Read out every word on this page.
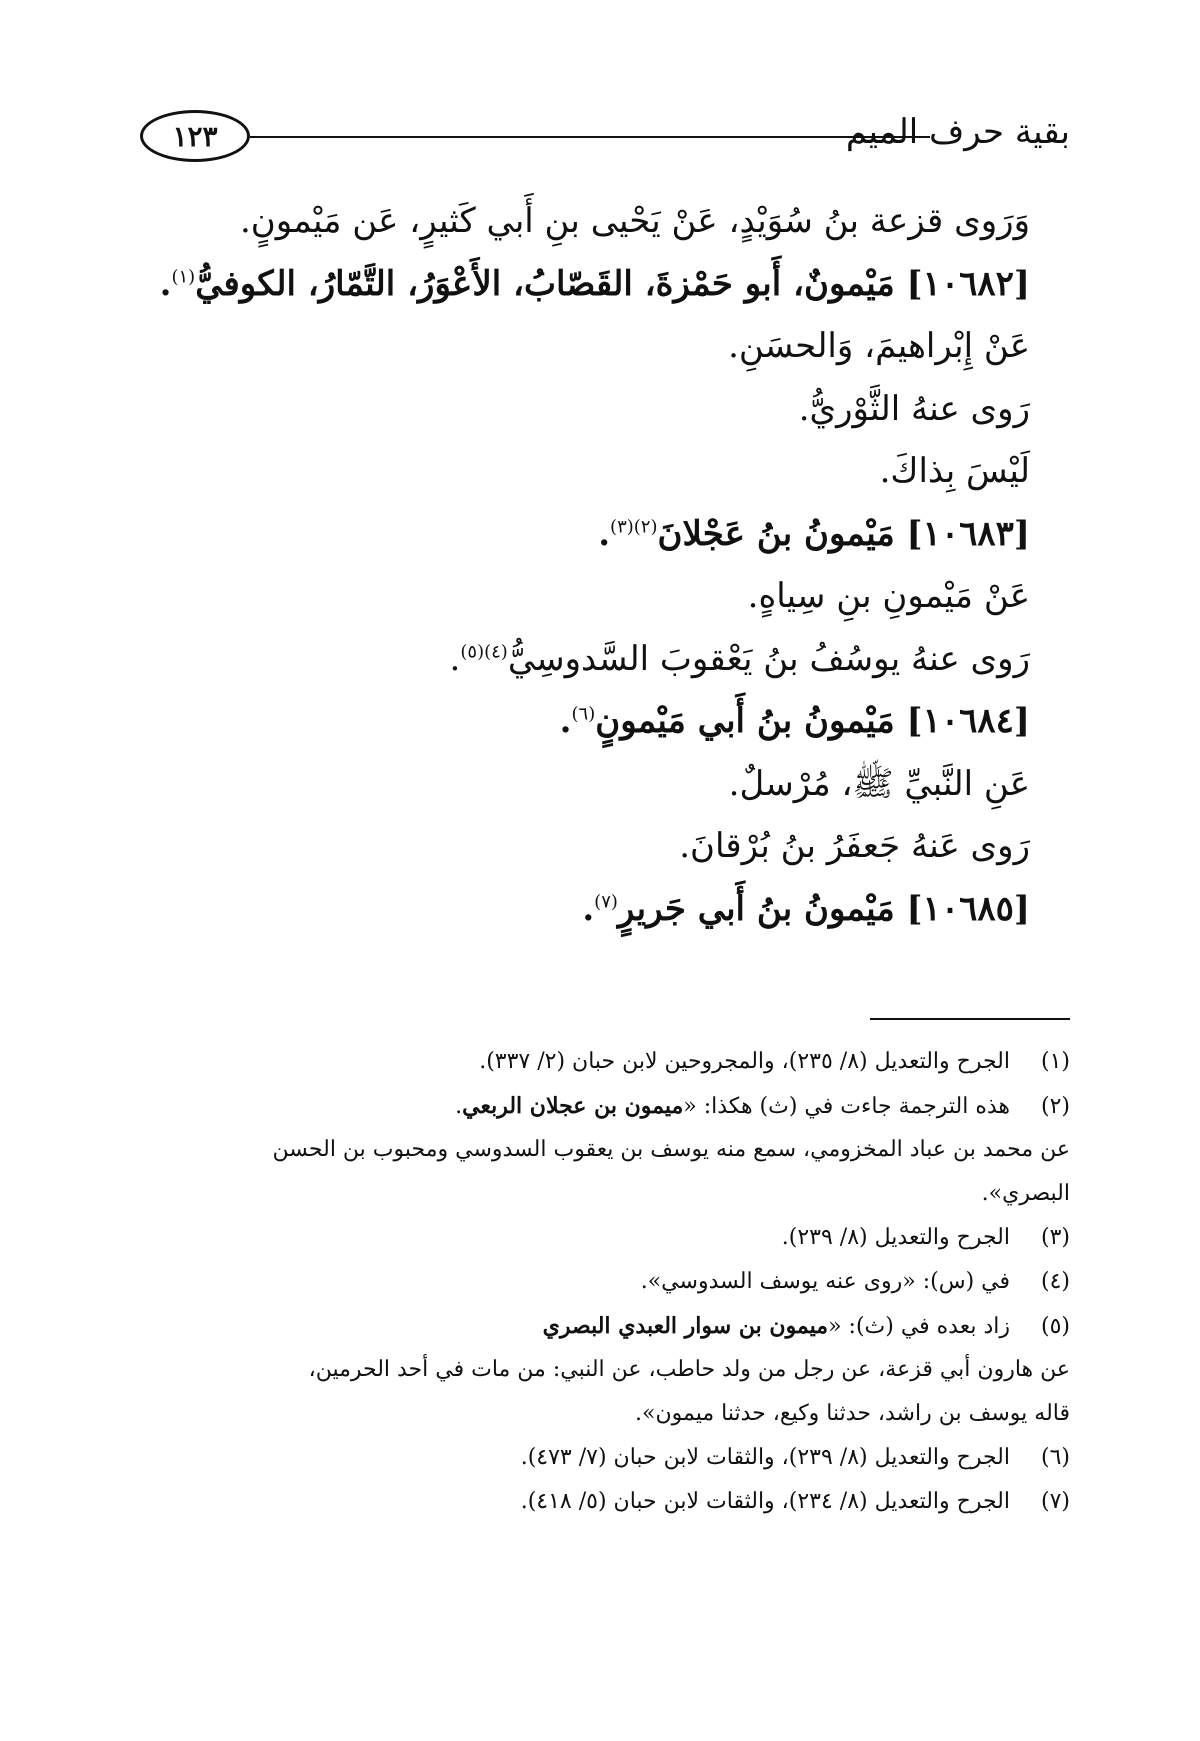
١٢٣	بقية حرف الميم

وَرَوى قزعة بنُ سُوَيْدٍ، عَنْ يَحْيى بنِ أَبي كَثيرٍ، عَن مَيْمونٍ.

[١٠٦٨٢] مَيْمونٌ، أَبو حَمْزةَ، القَصّابُ، الأَعْوَرُ، التَّمّارُ، الكوفيُّ$^{(١)}$.

عَنْ إِبْراهيمَ، وَالحسَنِ.

رَوى عنهُ الثَّوْريُّ.

لَيْسَ بِذاكَ.

[١٠٦٨٣] مَيْمونُ بنُ عَجْلانَ$^{(٢)(٣)}$.

عَنْ مَيْمونِ بنِ سِياهٍ.

رَوى عنهُ يوسُفُ بنُ يَعْقوبَ السَّدوسِيُّ$^{(٤)(٥)}$.

[١٠٦٨٤] مَيْمونُ بنُ أَبي مَيْمونٍ$^{(٦)}$.

عَنِ النَّبيِّ ﷺ، مُرْسلٌ.

رَوى عَنهُ جَعفَرُ بنُ بُرْقانَ.

[١٠٦٨٥] مَيْمونُ بنُ أَبي جَريرٍ$^{(٧)}$.

(١)الجرح والتعديل (٨/ ٢٣٥)، والمجروحين لابن حبان (٢/ ٣٣٧).
(٢)هذه الترجمة جاءت في (ث) هكذا: «ميمون بن عجلان الربعي.
عن محمد بن عباد المخزومي، سمع منه يوسف بن يعقوب السدوسي ومحبوب بن الحسن
البصري».
(٣)الجرح والتعديل (٨/ ٢٣٩).
(٤)في (س): «روى عنه يوسف السدوسي».
(٥)زاد بعده في (ث): «ميمون بن سوار العبدي البصري
عن هارون أبي قزعة، عن رجل من ولد حاطب، عن النبي: من مات في أحد الحرمين،
قاله يوسف بن راشد، حدثنا وكيع، حدثنا ميمون».
(٦)الجرح والتعديل (٨/ ٢٣٩)، والثقات لابن حبان (٧/ ٤٧٣).
(٧)الجرح والتعديل (٨/ ٢٣٤)، والثقات لابن حبان (٥/ ٤١٨).
